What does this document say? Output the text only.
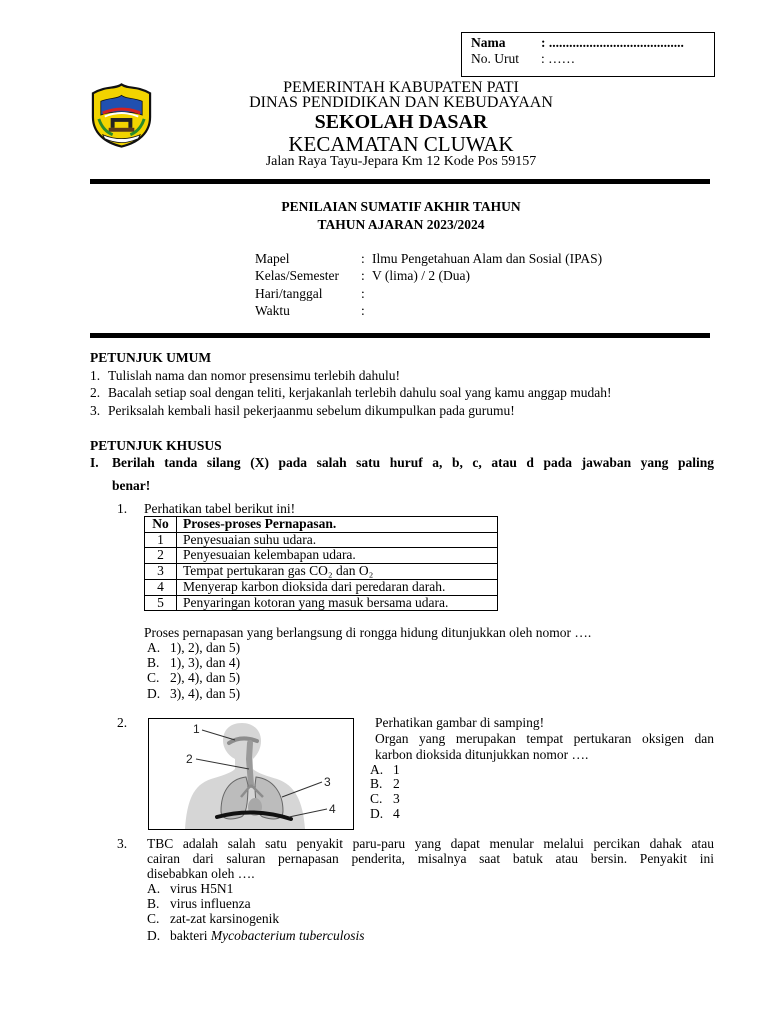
Nama	: ........................................
No. Urut : ……
PEMERINTAH KABUPATEN PATI
DINAS PENDIDIKAN DAN KEBUDAYAAN
SEKOLAH DASAR
KECAMATAN CLUWAK
Jalan Raya Tayu-Jepara Km 12 Kode Pos 59157
PENILAIAN SUMATIF AKHIR TAHUN
TAHUN AJARAN 2023/2024
Mapel	: Ilmu Pengetahuan Alam dan Sosial (IPAS)
Kelas/Semester : V (lima) / 2 (Dua)
Hari/tanggal	:
Waktu	:
PETUNJUK UMUM
1. Tulislah nama dan nomor presensimu terlebih dahulu!
2. Bacalah setiap soal dengan teliti, kerjakanlah terlebih dahulu soal yang kamu anggap mudah!
3. Periksalah kembali hasil pekerjaanmu sebelum dikumpulkan pada gurumu!
PETUNJUK KHUSUS
I. Berilah tanda silang (X) pada salah satu huruf a, b, c, atau d pada jawaban yang paling
benar!
1. Perhatikan tabel berikut ini!
No	Proses-proses Pernapasan.
1	Penyesuaian suhu udara.
2	Penyesuaian kelembapan udara.
3	Tempat pertukaran gas CO₂ dan O₂
4	Menyerap karbon dioksida dari peredaran darah.
5	Penyaringan kotoran yang masuk bersama udara.
Proses pernapasan yang berlangsung di rongga hidung ditunjukkan oleh nomor ….
A. 1), 2), dan 5)
B. 1), 3), dan 4)
C. 2), 4), dan 5)
D. 3), 4), dan 5)
2.	1
2
3
4
Perhatikan gambar di samping!
Organ yang merupakan tempat pertukaran oksigen dan
karbon dioksida ditunjukkan nomor ….
A. 1
B. 2
C. 3
D. 4
3. TBC adalah salah satu penyakit paru-paru yang dapat menular melalui percikan dahak atau
cairan dari saluran pernapasan penderita, misalnya saat batuk atau bersin. Penyakit ini
disebabkan oleh ….
A. virus H5N1
B. virus influenza
C. zat-zat karsinogenik
D. bakteri Mycobacterium tuberculosis
